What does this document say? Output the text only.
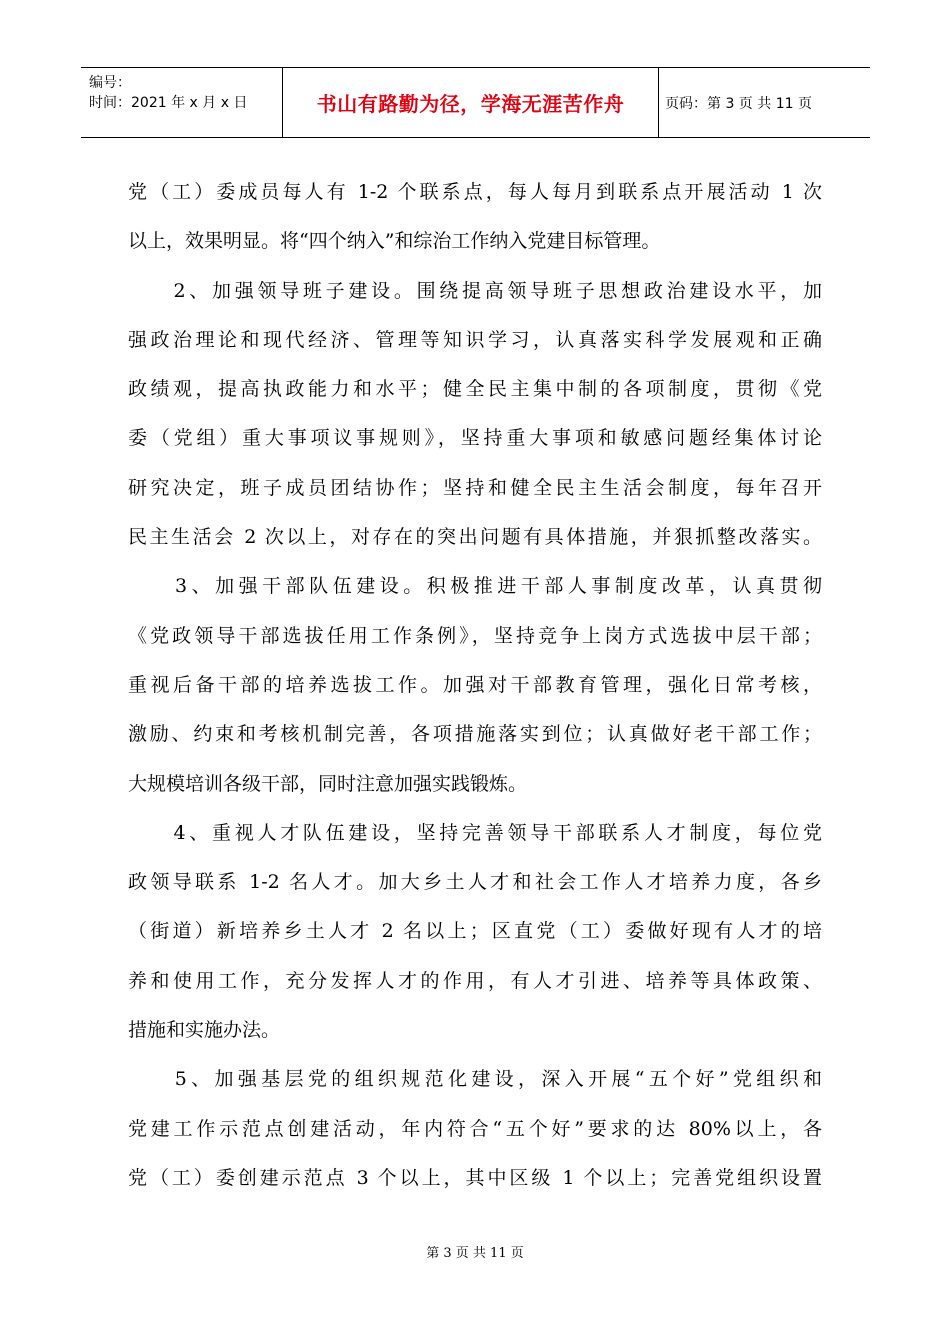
编号：
时间：2021 年 x 月 x 日	书山有路勤为径，学海无涯苦作舟	页码：第 3 页 共 11 页
党（工）委成员每人有 1-2 个联系点，每人每月到联系点开展活动 1 次
以上，效果明显。将“四个纳入”和综治工作纳入党建目标管理。
　　2、加强领导班子建设。围绕提高领导班子思想政治建设水平，加
强政治理论和现代经济、管理等知识学习，认真落实科学发展观和正确
政绩观，提高执政能力和水平；健全民主集中制的各项制度，贯彻《党
委（党组）重大事项议事规则》，坚持重大事项和敏感问题经集体讨论
研究决定，班子成员团结协作；坚持和健全民主生活会制度，每年召开
民主生活会 2 次以上，对存在的突出问题有具体措施，并狠抓整改落实。
　　3、加强干部队伍建设。积极推进干部人事制度改革，认真贯彻
《党政领导干部选拔任用工作条例》，坚持竞争上岗方式选拔中层干部；
重视后备干部的培养选拔工作。加强对干部教育管理，强化日常考核，
激励、约束和考核机制完善，各项措施落实到位；认真做好老干部工作；
大规模培训各级干部，同时注意加强实践锻炼。
　　4、重视人才队伍建设，坚持完善领导干部联系人才制度，每位党
政领导联系 1-2 名人才。加大乡土人才和社会工作人才培养力度，各乡
（街道）新培养乡土人才 2 名以上；区直党（工）委做好现有人才的培
养和使用工作，充分发挥人才的作用，有人才引进、培养等具体政策、
措施和实施办法。
　　5、加强基层党的组织规范化建设，深入开展“五个好”党组织和
党建工作示范点创建活动，年内符合“五个好”要求的达 80%以上，各
党（工）委创建示范点 3 个以上，其中区级 1 个以上；完善党组织设置
第 3 页 共 11 页
